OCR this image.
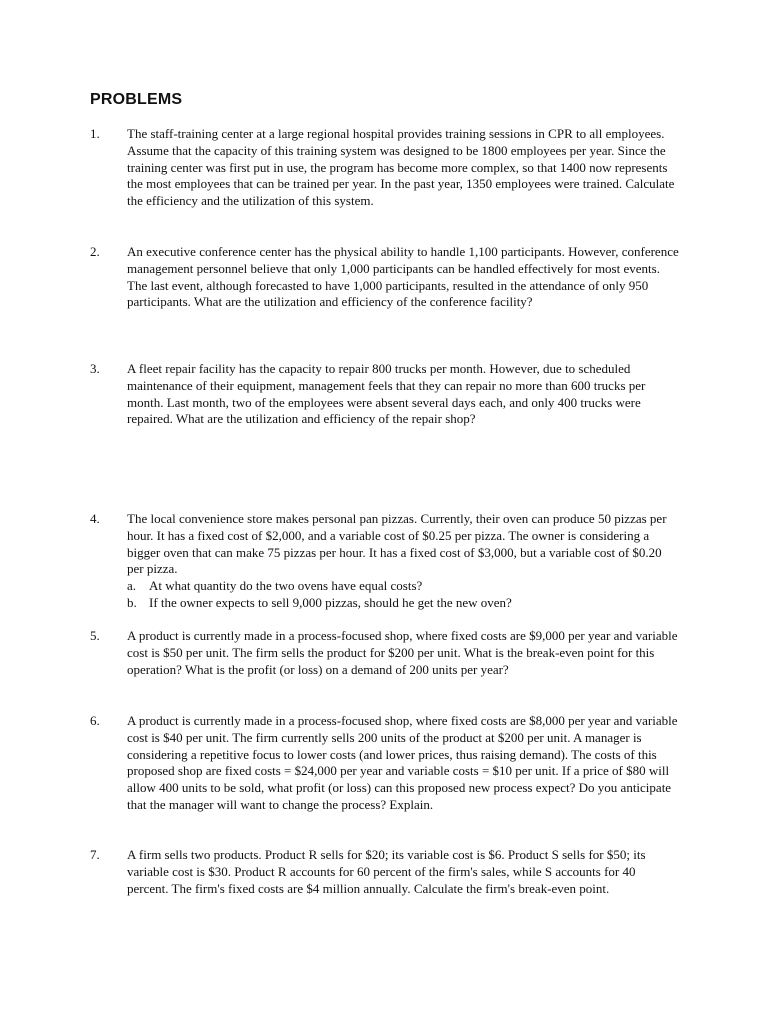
PROBLEMS
1. The staff-training center at a large regional hospital provides training sessions in CPR to all employees. Assume that the capacity of this training system was designed to be 1800 employees per year. Since the training center was first put in use, the program has become more complex, so that 1400 now represents the most employees that can be trained per year. In the past year, 1350 employees were trained. Calculate the efficiency and the utilization of this system.
2. An executive conference center has the physical ability to handle 1,100 participants. However, conference management personnel believe that only 1,000 participants can be handled effectively for most events. The last event, although forecasted to have 1,000 participants, resulted in the attendance of only 950 participants. What are the utilization and efficiency of the conference facility?
3. A fleet repair facility has the capacity to repair 800 trucks per month. However, due to scheduled maintenance of their equipment, management feels that they can repair no more than 600 trucks per month. Last month, two of the employees were absent several days each, and only 400 trucks were repaired. What are the utilization and efficiency of the repair shop?
4. The local convenience store makes personal pan pizzas. Currently, their oven can produce 50 pizzas per hour. It has a fixed cost of $2,000, and a variable cost of $0.25 per pizza. The owner is considering a bigger oven that can make 75 pizzas per hour. It has a fixed cost of $3,000, but a variable cost of $0.20 per pizza.
a. At what quantity do the two ovens have equal costs?
b. If the owner expects to sell 9,000 pizzas, should he get the new oven?
5. A product is currently made in a process-focused shop, where fixed costs are $9,000 per year and variable cost is $50 per unit. The firm sells the product for $200 per unit. What is the break-even point for this operation? What is the profit (or loss) on a demand of 200 units per year?
6. A product is currently made in a process-focused shop, where fixed costs are $8,000 per year and variable cost is $40 per unit. The firm currently sells 200 units of the product at $200 per unit. A manager is considering a repetitive focus to lower costs (and lower prices, thus raising demand). The costs of this proposed shop are fixed costs = $24,000 per year and variable costs = $10 per unit. If a price of $80 will allow 400 units to be sold, what profit (or loss) can this proposed new process expect? Do you anticipate that the manager will want to change the process? Explain.
7. A firm sells two products. Product R sells for $20; its variable cost is $6. Product S sells for $50; its variable cost is $30. Product R accounts for 60 percent of the firm's sales, while S accounts for 40 percent. The firm's fixed costs are $4 million annually. Calculate the firm's break-even point.
